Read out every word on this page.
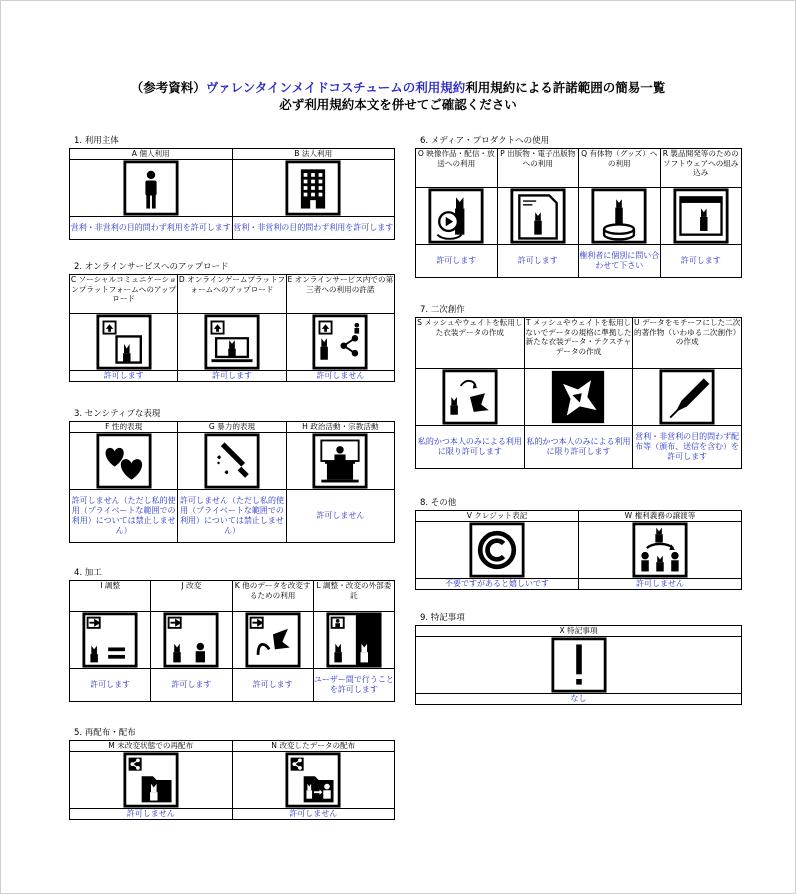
（参考資料）ヴァレンタインメイドコスチュームの利用規約利用規約による許諾範囲の簡易一覧
必ず利用規約本文を併せてご確認ください
1. 利用主体
A 個人利用	B 法人利用

営利・非営利の目的問わず利用を許可します	営利・非営利の目的問わず利用を許可します
2. オンラインサービスへのアップロード
C ソーシャルコミュニケーションプラットフォームへのアップロード	D オンラインゲームプラットフォームへのアップロード	E オンラインサービス内での第三者への利用の許諾

許可します	許可します	許可しません
3. センシティブな表現
F 性的表現	G 暴力的表現	H 政治活動・宗教活動

許可しません（ただし私的使用（プライベートな範囲での利用）については禁止しません）	許可しません（ただし私的使用（プライベートな範囲での利用）については禁止しません）	許可しません
4. 加工
I 調整	J 改変	K 他のデータを改変するための利用	L 調整・改変の外部委託

許可します	許可します	許可します	ユーザー間で行うことを許可します
5. 再配布・配布
M 未改変状態での再配布	N 改変したデータの配布

許可しません	許可しません
6. メディア・プロダクトへの使用
O 映像作品・配信・放送への利用	P 出版物・電子出版物への利用	Q 有体物（グッズ）への利用	R 製品開発等のためのソフトウェアへの組み込み

許可します	許可します	権利者に個別に問い合わせて下さい	許可します
7. 二次創作
S メッシュやウェイトを転用した衣装データの作成	T メッシュやウェイトを転用しないでデータの規格に準拠した新たな衣装データ・テクスチャデータの作成	U データをモチーフにした二次的著作物（いわゆる二次創作）の作成

私的かつ本人のみによる利用に限り許可します	私的かつ本人のみによる利用に限り許可します	営利・非営利の目的問わず配布等（頒布、送信を含む）を許可します
8. その他
V クレジット表記	W 権利義務の譲渡等

不要ですがあると嬉しいです	許可しません
9. 特記事項
X 特記事項

なし
